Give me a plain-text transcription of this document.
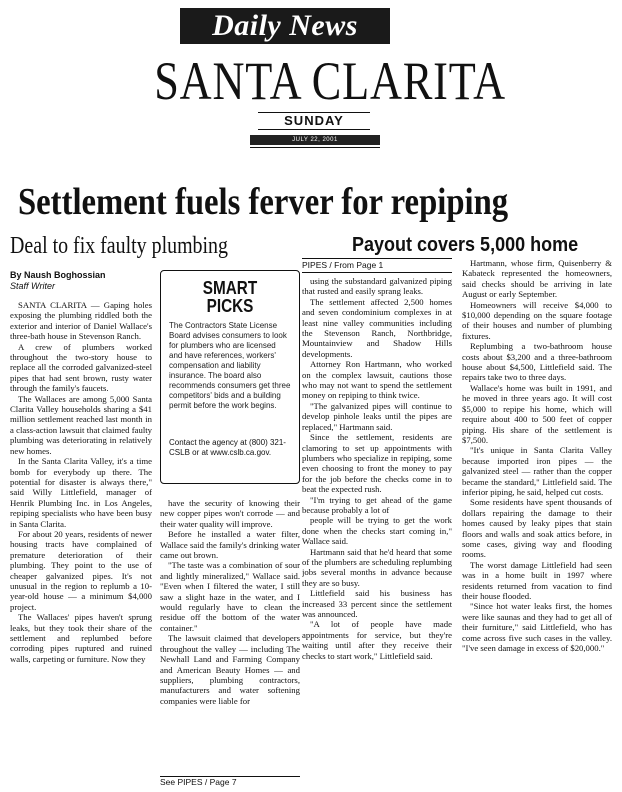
Daily News
SANTA CLARITA
SUNDAY
JULY 22, 2001
Settlement fuels ferver for repiping
Deal to fix faulty plumbing	Payout covers 5,000 home
By Naush Boghossian
Staff Writer

SANTA CLARITA — Gaping holes exposing the plumbing riddled both the exterior and interior of Daniel Wallace's three-bath house in Stevenson Ranch.

A crew of plumbers worked throughout the two-story house to replace all the corroded galvanized-steel pipes that had sent brown, rusty water through the family's faucets.

The Wallaces are among 5,000 Santa Clarita Valley households sharing a $41 million settlement reached last month in a class-action lawsuit that claimed faulty plumbing was deteriorating in relatively new homes.

In the Santa Clarita Valley, it's a time bomb for everybody up there. The potential for disaster is always there," said Willy Littlefield, manager of Henrik Plumbing Inc. in Los Angeles, repiping specialists who have been busy in Santa Clarita.

For about 20 years, residents of newer housing tracts have complained of premature deterioration of their plumbing. They point to the use of cheaper galvanized pipes. It's not unusual in the region to replumb a 10-year-old house — a minimum $4,000 project.

The Wallaces' pipes haven't sprung leaks, but they took their share of the settlement and replumbed before corroding pipes ruptured and ruined walls, carpeting or furniture. Now they

SMART
PICKS
The Contractors State License Board advises consumers to look for plumbers who are licensed and have references, workers' compensation and liability insurance. The board also recommends consumers get three competitors' bids and a building permit before the work begins.
Contact the agency at (800) 321-CSLB or at www.cslb.ca.gov.

have the security of knowing their new copper pipes won't corrode — and their water quality will improve.

Before he installed a water filter, Wallace said the family's drinking water came out brown.

"The taste was a combination of sour and lightly mineralized," Wallace said. "Even when I filtered the water, I still saw a slight haze in the water, and I would regularly have to clean the residue off the bottom of the water container."

The lawsuit claimed that developers throughout the valley — including The Newhall Land and Farming Company and American Beauty Homes — and suppliers, plumbing contractors, manufacturers and water softening companies were liable for

See PIPES / Page 7
PIPES / From Page 1

using the substandard galvanized piping that rusted and easily sprang leaks.

The settlement affected 2,500 homes and seven condominium complexes in at least nine valley communities including the Stevenson Ranch, Northbridge, Mountainview and Shadow Hills developments.

Attorney Ron Hartmann, who worked on the complex lawsuit, cautions those who may not want to spend the settlement money on repiping to think twice.

"The galvanized pipes will continue to develop pinhole leaks until the pipes are replaced," Hartmann said.

Since the settlement, residents are clamoring to set up appointments with plumbers who specialize in repiping, some even choosing to front the money to pay for the job before the checks come in to beat the expected rush.

"I'm trying to get ahead of the game because probably a lot of

people will be trying to get the work done when the checks start coming in," Wallace said.

Hartmann said that he'd heard that some of the plumbers are scheduling replumbing jobs several months in advance because they are so busy.

Littlefield said his business has increased 33 percent since the settlement was announced.

"A lot of people have made appointments for service, but they're waiting until after they receive their checks to start work," Littlefield said.

Hartmann, whose firm, Quisenberry & Kabateck represented the homeowners, said checks should be arriving in late August or early September.

Homeowners will receive $4,000 to $10,000 depending on the square footage of their houses and number of plumbing fixtures.

Replumbing a two-bathroom house costs about $3,200 and a three-bathroom house about $4,500, Littlefield said. The repairs take two to three days.

Wallace's home was built in 1991, and he moved in three years ago. It will cost $5,000 to repipe his home, which will require about 400 to 500 feet of copper piping. His share of the settlement is $7,500.

"It's unique in Santa Clarita Valley because imported iron pipes — the galvanized steel — rather than the copper became the standard," Littlefield said. The inferior piping, he said, helped cut costs.

Some residents have spent thousands of dollars repairing the damage to their homes caused by leaky pipes that stain floors and walls and soak attics before, in some cases, giving way and flooding rooms.

The worst damage Littlefield had seen was in a home built in 1997 where residents returned from vacation to find their house flooded.

"Since hot water leaks first, the homes were like saunas and they had to get all of their furniture," said Littlefield, who has come across five such cases in the valley. "I've seen damage in excess of $20,000."
